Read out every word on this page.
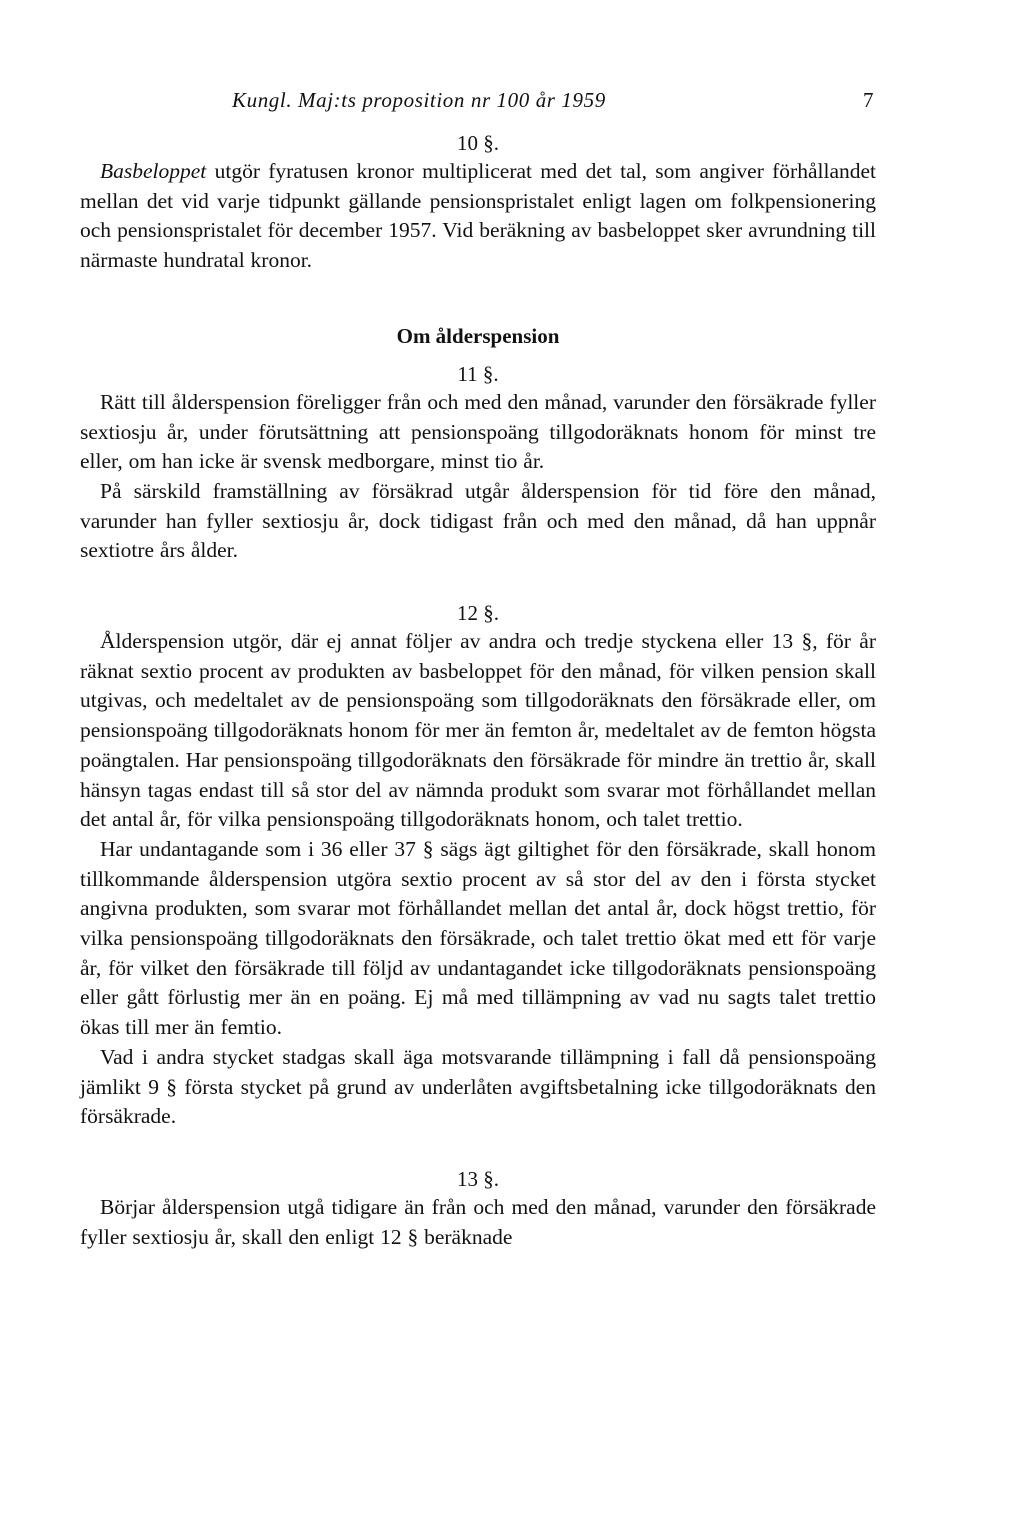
Kungl. Maj:ts proposition nr 100 år 1959	7
10 §.

Basbeloppet utgör fyratusen kronor multiplicerat med det tal, som angiver förhållandet mellan det vid varje tidpunkt gällande pensionspristalet enligt lagen om folkpensionering och pensionspristalet för december 1957. Vid beräkning av basbeloppet sker avrundning till närmaste hundratal kronor.

Om ålderspension
11 §.

Rätt till ålderspension föreligger från och med den månad, varunder den försäkrade fyller sextiosju år, under förutsättning att pensionspoäng tillgodoräknats honom för minst tre eller, om han icke är svensk medborgare, minst tio år.

På särskild framställning av försäkrad utgår ålderspension för tid före den månad, varunder han fyller sextiosju år, dock tidigast från och med den månad, då han uppnår sextiotre års ålder.

12 §.

Ålderspension utgör, där ej annat följer av andra och tredje styckena eller 13 §, för år räknat sextio procent av produkten av basbeloppet för den månad, för vilken pension skall utgivas, och medeltalet av de pensionspoäng som tillgodoräknats den försäkrade eller, om pensionspoäng tillgodoräknats honom för mer än femton år, medeltalet av de femton högsta poängtalen. Har pensionspoäng tillgodoräknats den försäkrade för mindre än trettio år, skall hänsyn tagas endast till så stor del av nämnda produkt som svarar mot förhållandet mellan det antal år, för vilka pensionspoäng tillgodoräknats honom, och talet trettio.

Har undantagande som i 36 eller 37 § sägs ägt giltighet för den försäkrade, skall honom tillkommande ålderspension utgöra sextio procent av så stor del av den i första stycket angivna produkten, som svarar mot förhållandet mellan det antal år, dock högst trettio, för vilka pensionspoäng tillgodoräknats den försäkrade, och talet trettio ökat med ett för varje år, för vilket den försäkrade till följd av undantagandet icke tillgodoräknats pensionspoäng eller gått förlustig mer än en poäng. Ej må med tillämpning av vad nu sagts talet trettio ökas till mer än femtio.

Vad i andra stycket stadgas skall äga motsvarande tillämpning i fall då pensionspoäng jämlikt 9 § första stycket på grund av underlåten avgiftsbetalning icke tillgodoräknats den försäkrade.

13 §.

Börjar ålderspension utgå tidigare än från och med den månad, varunder den försäkrade fyller sextiosju år, skall den enligt 12 § beräknade
